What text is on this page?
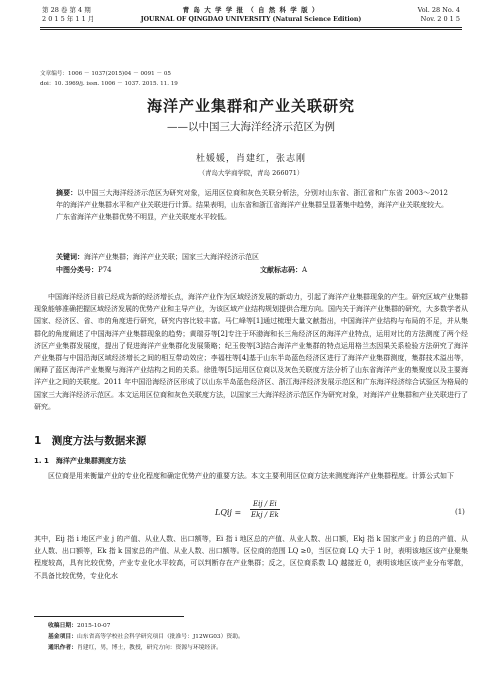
第 28 卷 第 4 期
2 0 1 5 年 1 1 月
青 岛 大 学 学 报 （ 自 然 科 学 版 ）
JOURNAL OF QINGDAO UNIVERSITY (Natural Science Edition)
Vol. 28 No. 4
Nov. 2 0 1 5
文章编号：1006 － 1037(2015)04 － 0091 － 05
doi：10. 3969/j. issn. 1006 － 1037. 2015. 11. 19
海洋产业集群和产业关联研究
——以中国三大海洋经济示范区为例
杜媛媛，肖建红，张志刚
（青岛大学商学院，青岛 266071）
摘要：以中国三大海洋经济示范区为研究对象，运用区位商和灰色关联分析法，分别对山东省、浙江省和广东省 2003～2012 年的海洋产业集群水平和产业关联进行计算。结果表明，山东省和浙江省海洋产业集群呈显著集中趋势，海洋产业关联度较大。广东省海洋产业集群优势不明显，产业关联度水平较低。
关键词：海洋产业集群；海洋产业关联；国家三大海洋经济示范区
中图分类号：P74	文献标志码：A
中国海洋经济目前已经成为新的经济增长点，海洋产业作为区域经济发展的新动力，引起了海洋产业集群现象的产生。研究区域产业集群现象能够准确把握区域经济发展的优势产业和主导产业，为该区域产业结构规划提供合理方向。国内关于海洋产业集群的研究，大多数学者从国家、经济区、省、市的角度进行研究，研究内容比较丰富。马仁峰等[1]通过梳理大量文献指出，中国海洋产业结构与布局的不足，并从集群化的角度阐述了中国海洋产业集群现象的趋势；黄瑞芬等[2]专注于环渤海和长三角经济区的海洋产业特点，运用对比的方法测度了两个经济区产业集群发展度，提出了促进海洋产业集群化发展策略；纪玉俊等[3]结合海洋产业集群的特点运用格兰杰因果关系检验方法研究了海洋产业集群与中国沿海区域经济增长之间的相互带动效应；李福柱等[4]基于山东半岛蓝色经济区进行了海洋产业集群测度，集群技术溢出等，阐释了蓝区海洋产业集聚与海洋产业结构之间的关系。徐胜等[5]运用区位商以及灰色关联度方法分析了山东省海洋产业的集聚度以及主要海洋产业之间的关联度。2011 年中国沿海经济区形成了以山东半岛蓝色经济区、浙江海洋经济发展示范区和广东海洋经济综合试验区为格局的国家三大海洋经济示范区。本文运用区位商和灰色关联度方法，以国家三大海洋经济示范区作为研究对象，对海洋产业集群和产业关联进行了研究。
1　测度方法与数据来源
1. 1　海洋产业集群测度方法
区位商是用来衡量产业的专业化程度和确定优势产业的重要方法。本文主要利用区位商方法来测度海洋产业集群程度。计算公式如下
LQij =
Eij / Ei
Ekj / Ek	(1)
其中，Eij 指 i 地区产业 j 的产值、从业人数、出口额等，Ei 指 i 地区总的产值、从业人数、出口额，Ekj 指 k 国家产业 j 的总的产值、从业人数、出口额等，Ek 指 k 国家总的产值、从业人数、出口额等。区位商的范围 LQ ≥0，当区位商 LQ 大于 1 时，表明该地区该产业聚集程度较高，具有比较优势，产业专业化水平较高，可以判断存在产业集群；反之，区位商系数 LQ 越接近 0，表明该地区该产业分布零散，不具备比较优势，专业化水
收稿日期：2015-10-07
基金项目：山东省高等学校社会科学研究项目（批准号：J12WG03）资助。
通讯作者：肖建红，男，博士，教授，研究方向：资源与环境经济。
